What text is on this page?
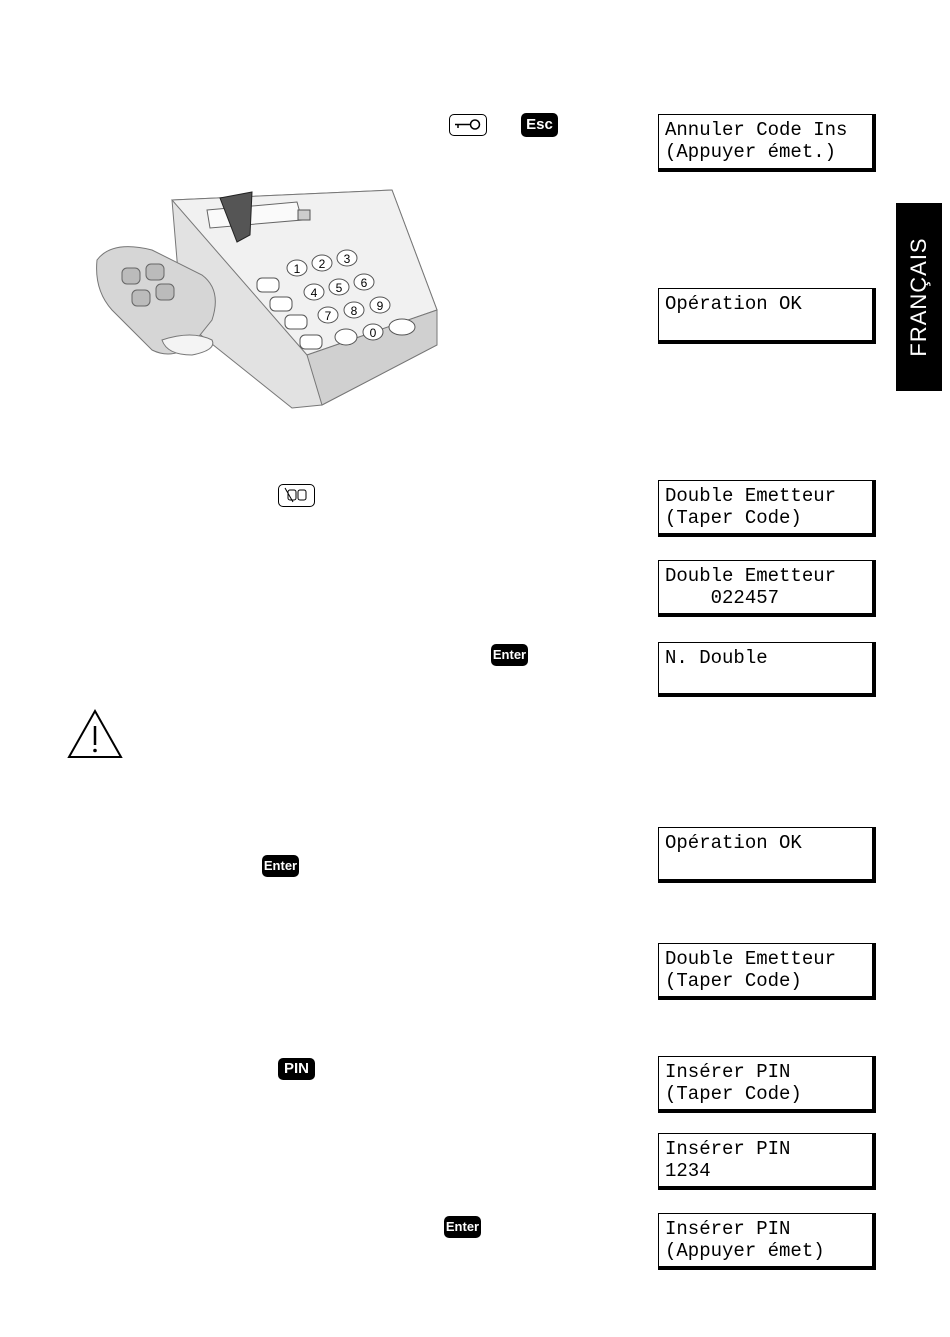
FRANÇAIS
Esc
1 2 3
4 5 6
7 8 9
0
Enter
Enter
PIN
Enter
Annuler Code Ins
(Appuyer émet.)
Opération OK
Double Emetteur
(Taper Code)
Double Emetteur
022457
N. Double
Opération OK
Double Emetteur
(Taper Code)
Insérer PIN
(Taper Code)
Insérer PIN
1234
Insérer PIN
(Appuyer émet)
